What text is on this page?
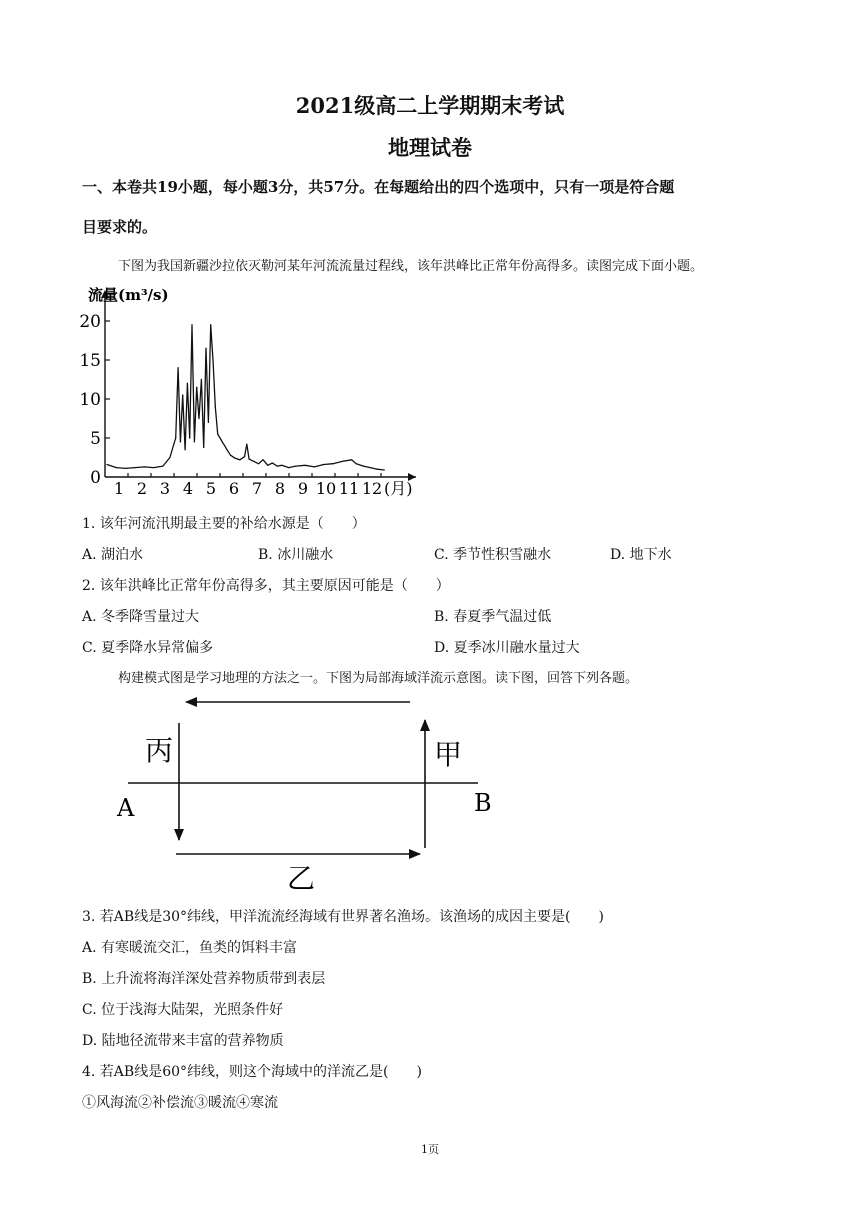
2021级高二上学期期末考试
地理试卷
一、本卷共19小题，每小题3分，共57分。在每题给出的四个选项中，只有一项是符合题
目要求的。
下图为我国新疆沙拉依灭勒河某年河流流量过程线，该年洪峰比正常年份高得多。读图完成下面小题。
流量(m³/s)
0
5
10
15
20
1 2 3 4 5 6 7 8 9 10 11 12 (月)
1. 该年河流汛期最主要的补给水源是（　　）
A. 湖泊水	B. 冰川融水	C. 季节性积雪融水	D. 地下水
2. 该年洪峰比正常年份高得多，其主要原因可能是（　　）
A. 冬季降雪量过大	B. 春夏季气温过低
C. 夏季降水异常偏多	D. 夏季冰川融水量过大
构建模式图是学习地理的方法之一。下图为局部海域洋流示意图。读下图，回答下列各题。
丙	甲
A	B
乙
3. 若AB线是30°纬线，甲洋流流经海域有世界著名渔场。该渔场的成因主要是(　　)
A. 有寒暖流交汇，鱼类的饵料丰富
B. 上升流将海洋深处营养物质带到表层
C. 位于浅海大陆架，光照条件好
D. 陆地径流带来丰富的营养物质
4. 若AB线是60°纬线，则这个海域中的洋流乙是(　　)
①风海流②补偿流③暖流④寒流
1页
